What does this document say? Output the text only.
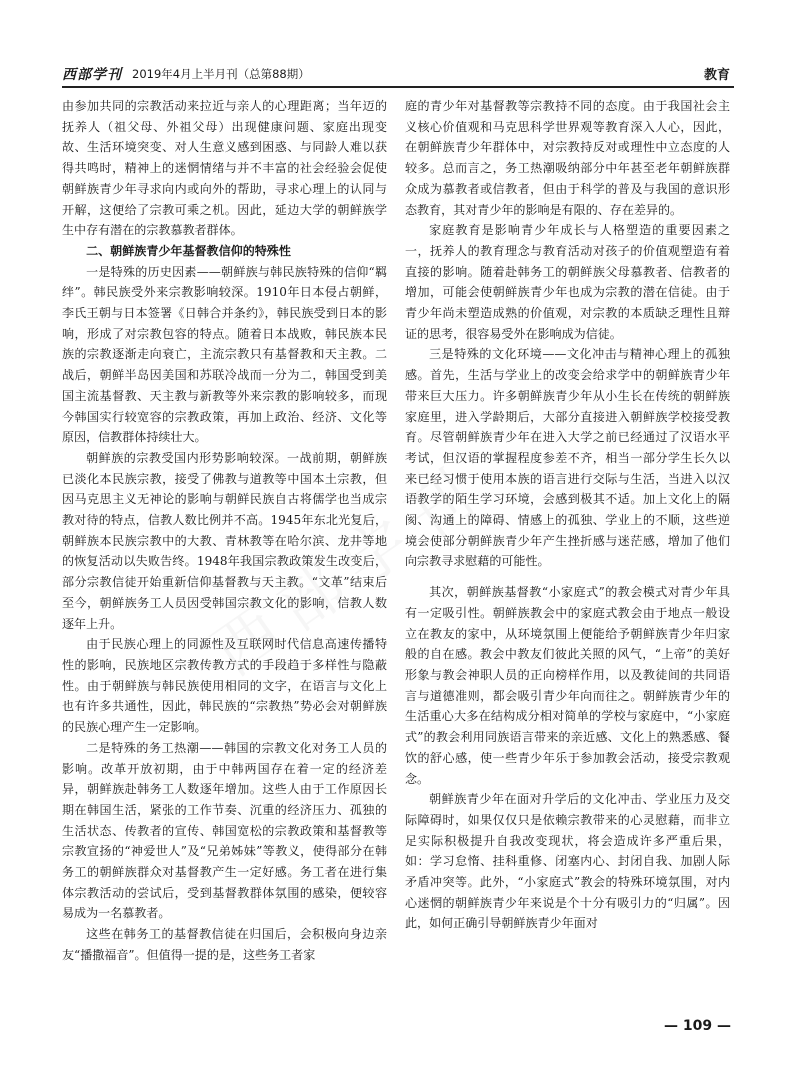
西部学刊 2019年4月上半月刊（总第88期）	教育

由参加共同的宗教活动来拉近与亲人的心理距离；当年迈的抚养人（祖父母、外祖父母）出现健康问题、家庭出现变故、生活环境突变、对人生意义感到困惑、与同龄人难以获得共鸣时，精神上的迷惘情绪与并不丰富的社会经验会促使朝鲜族青少年寻求向内或向外的帮助，寻求心理上的认同与开解，这便给了宗教可乘之机。因此，延边大学的朝鲜族学生中存有潜在的宗教慕教者群体。

二、朝鲜族青少年基督教信仰的特殊性

一是特殊的历史因素——朝鲜族与韩民族特殊的信仰“羁绊”。韩民族受外来宗教影响较深。1910年日本侵占朝鲜，李氏王朝与日本签署《日韩合并条约》，韩民族受到日本的影响，形成了对宗教包容的特点。随着日本战败，韩民族本民族的宗教逐渐走向衰亡，主流宗教只有基督教和天主教。二战后，朝鲜半岛因美国和苏联冷战而一分为二，韩国受到美国主流基督教、天主教与新教等外来宗教的影响较多，而现今韩国实行较宽容的宗教政策，再加上政治、经济、文化等原因，信教群体持续壮大。

朝鲜族的宗教受国内形势影响较深。一战前期，朝鲜族已淡化本民族宗教，接受了佛教与道教等中国本土宗教，但因马克思主义无神论的影响与朝鲜民族自古将儒学也当成宗教对待的特点，信教人数比例并不高。1945年东北光复后，朝鲜族本民族宗教中的大教、青林教等在哈尔滨、龙井等地的恢复活动以失败告终。1948年我国宗教政策发生改变后，部分宗教信徒开始重新信仰基督教与天主教。“文革”结束后至今，朝鲜族务工人员因受韩国宗教文化的影响，信教人数逐年上升。

由于民族心理上的同源性及互联网时代信息高速传播特性的影响，民族地区宗教传教方式的手段趋于多样性与隐蔽性。由于朝鲜族与韩民族使用相同的文字，在语言与文化上也有许多共通性，因此，韩民族的“宗教热”势必会对朝鲜族的民族心理产生一定影响。

二是特殊的务工热潮——韩国的宗教文化对务工人员的影响。改革开放初期，由于中韩两国存在着一定的经济差异，朝鲜族赴韩务工人数逐年增加。这些人由于工作原因长期在韩国生活，紧张的工作节奏、沉重的经济压力、孤独的生活状态、传教者的宣传、韩国宽松的宗教政策和基督教等宗教宣扬的“神爱世人”及“兄弟姊妹”等教义，使得部分在韩务工的朝鲜族群众对基督教产生一定好感。务工者在进行集体宗教活动的尝试后，受到基督教群体氛围的感染，便较容易成为一名慕教者。

这些在韩务工的基督教信徒在归国后，会积极向身边亲友“播撒福音”。但值得一提的是，这些务工者家

庭的青少年对基督教等宗教持不同的态度。由于我国社会主义核心价值观和马克思科学世界观等教育深入人心，因此，在朝鲜族青少年群体中，对宗教持反对或理性中立态度的人较多。总而言之，务工热潮吸纳部分中年甚至老年朝鲜族群众成为慕教者或信教者，但由于科学的普及与我国的意识形态教育，其对青少年的影响是有限的、存在差异的。

家庭教育是影响青少年成长与人格塑造的重要因素之一，抚养人的教育理念与教育活动对孩子的价值观塑造有着直接的影响。随着赴韩务工的朝鲜族父母慕教者、信教者的增加，可能会使朝鲜族青少年也成为宗教的潜在信徒。由于青少年尚未塑造成熟的价值观，对宗教的本质缺乏理性且辩证的思考，很容易受外在影响成为信徒。

三是特殊的文化环境——文化冲击与精神心理上的孤独感。首先，生活与学业上的改变会给求学中的朝鲜族青少年带来巨大压力。许多朝鲜族青少年从小生长在传统的朝鲜族家庭里，进入学龄期后，大部分直接进入朝鲜族学校接受教育。尽管朝鲜族青少年在进入大学之前已经通过了汉语水平考试，但汉语的掌握程度参差不齐，相当一部分学生长久以来已经习惯于使用本族的语言进行交际与生活，当进入以汉语教学的陌生学习环境，会感到极其不适。加上文化上的隔阂、沟通上的障碍、情感上的孤独、学业上的不顺，这些逆境会使部分朝鲜族青少年产生挫折感与迷茫感，增加了他们向宗教寻求慰藉的可能性。

其次，朝鲜族基督教“小家庭式”的教会模式对青少年具有一定吸引性。朝鲜族教会中的家庭式教会由于地点一般设立在教友的家中，从环境氛围上便能给予朝鲜族青少年归家般的自在感。教会中教友们彼此关照的风气，“上帝”的美好形象与教会神职人员的正向榜样作用，以及教徒间的共同语言与道德准则，都会吸引青少年向而往之。朝鲜族青少年的生活重心大多在结构成分相对简单的学校与家庭中，“小家庭式”的教会利用同族语言带来的亲近感、文化上的熟悉感、餐饮的舒心感，使一些青少年乐于参加教会活动，接受宗教观念。

朝鲜族青少年在面对升学后的文化冲击、学业压力及交际障碍时，如果仅仅只是依赖宗教带来的心灵慰藉，而非立足实际积极提升自我改变现状，将会造成许多严重后果，如：学习怠惰、挂科重修、闭塞内心、封闭自我、加剧人际矛盾冲突等。此外，“小家庭式”教会的特殊环境氛围，对内心迷惘的朝鲜族青少年来说是个十分有吸引力的“归属”。因此，如何正确引导朝鲜族青少年面对

— 109 —
